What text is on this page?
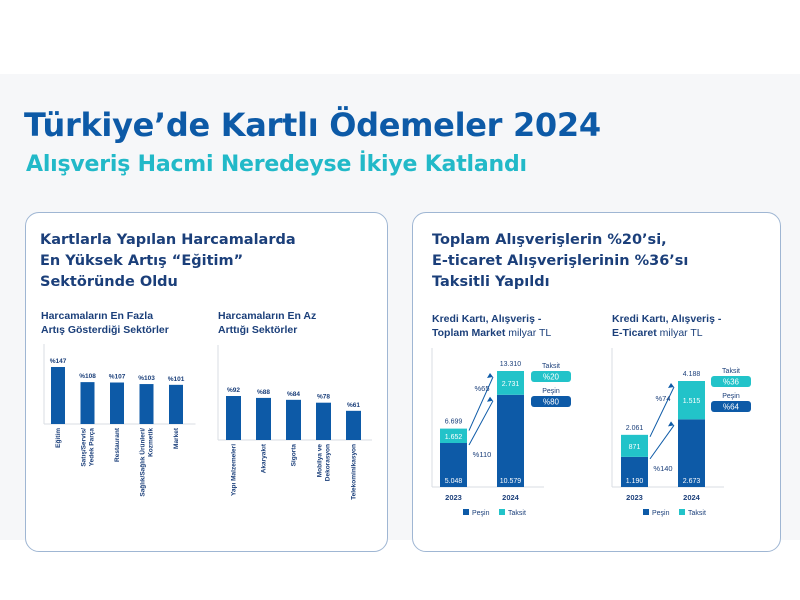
Türkiye’de Kartlı Ödemeler 2024
Alışveriş Hacmi Neredeyse İkiye Katlandı
Kartlarla Yapılan Harcamalarda
En Yüksek Artış “Eğitim”
Sektöründe Oldu
Toplam Alışverişlerin %20’si,
E-ticaret Alışverişlerinin %36’sı
Taksitli Yapıldı
Harcamaların En Fazla
Artış Gösterdiği Sektörler
Harcamaların En Az
Arttığı Sektörler
Kredi Kartı, Alışveriş -
Toplam Market milyar TL
Kredi Kartı, Alışveriş -
E-Ticaret milyar TL
%147
Eğitim
%108
Satış/Servis/ Yedek Parça
%107
Restaurant
%103
Sağlık/Sağlık Ürünleri/ Kozmetik
%101
Market
%92
Yapı Malzemeleri
%88
Akaryakıt
%84
Sigorta
%78
Mobilya ve Dekorasyon
%61
Telekominikasyon	5.048
1.652
6.699
2023
10.579
2.731
13.310
2024
%65
%110
Taksit
%20
Peşin
%80
Peşin	Taksit
1.190
871
2.061
2023
2.673
1.515
4.188
2024
%74
%140
Taksit
%36
Peşin
%64
Peşin	Taksit
